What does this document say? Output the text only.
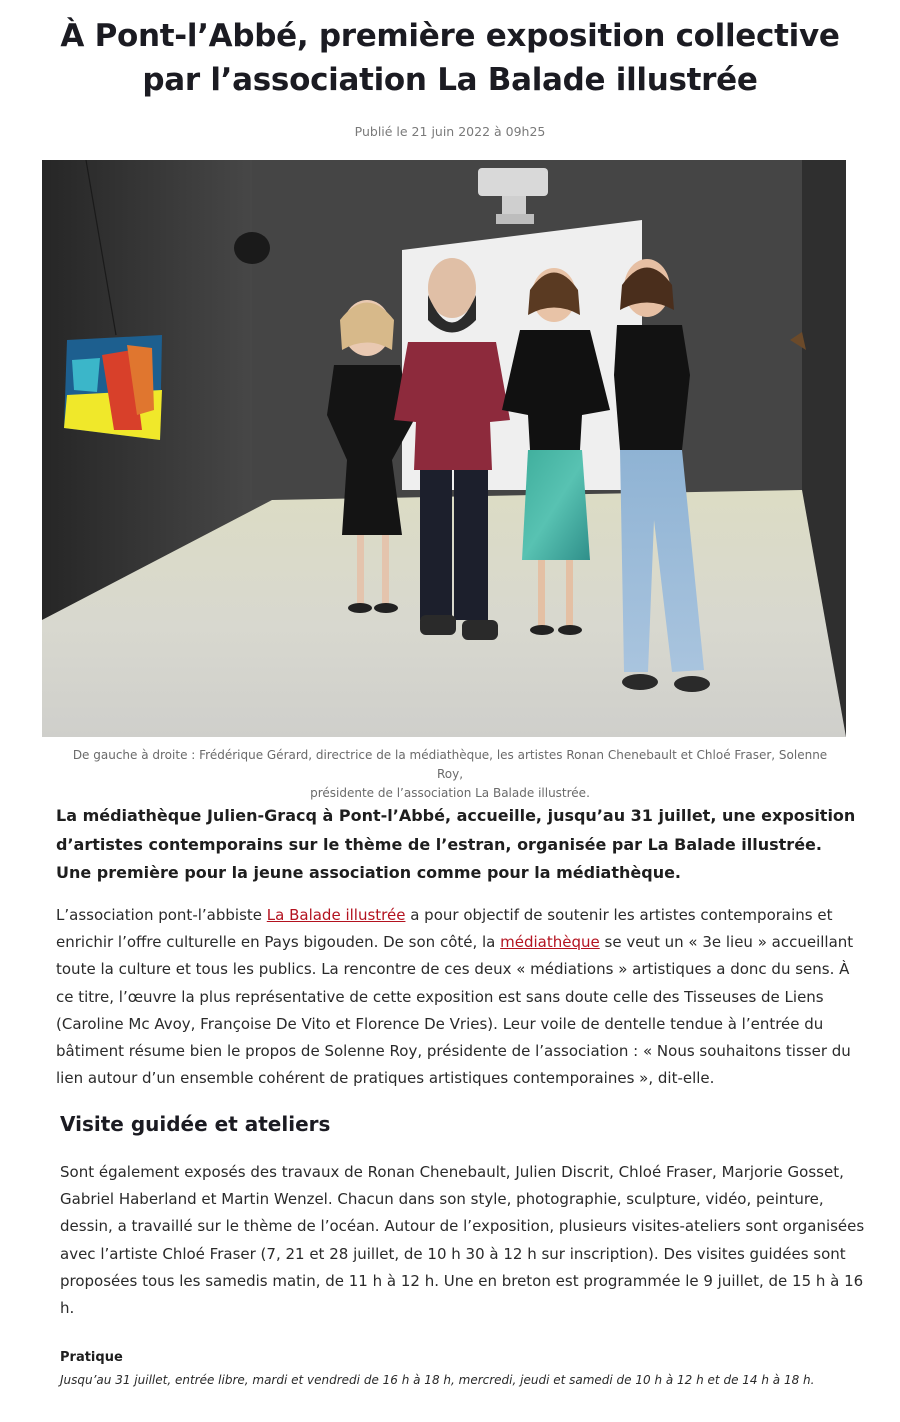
À Pont-l’Abbé, première exposition collective
par l’association La Balade illustrée
Publié le 21 juin 2022 à 09h25
De gauche à droite : Frédérique Gérard, directrice de la médiathèque, les artistes Ronan Chenebault et Chloé Fraser, Solenne Roy,
présidente de l’association La Balade illustrée.

La médiathèque Julien-Gracq à Pont-l’Abbé, accueille, jusqu’au 31 juillet, une exposition d’artistes contemporains sur le thème de l’estran, organisée par La Balade illustrée. Une première pour la jeune association comme pour la médiathèque.

L’association pont-l’abbiste La Balade illustrée a pour objectif de soutenir les artistes contemporains et enrichir l’offre culturelle en Pays bigouden. De son côté, la médiathèque se veut un « 3e lieu » accueillant toute la culture et tous les publics. La rencontre de ces deux « médiations » artistiques a donc du sens. À ce titre, l’œuvre la plus représentative de cette exposition est sans doute celle des Tisseuses de Liens (Caroline Mc Avoy, Françoise De Vito et Florence De Vries). Leur voile de dentelle tendue à l’entrée du bâtiment résume bien le propos de Solenne Roy, présidente de l’association : « Nous souhaitons tisser du lien autour d’un ensemble cohérent de pratiques artistiques contemporaines », dit-elle.

Visite guidée et ateliers

Sont également exposés des travaux de Ronan Chenebault, Julien Discrit, Chloé Fraser, Marjorie Gosset, Gabriel Haberland et Martin Wenzel. Chacun dans son style, photographie, sculpture, vidéo, peinture, dessin, a travaillé sur le thème de l’océan. Autour de l’exposition, plusieurs visites-ateliers sont organisées avec l’artiste Chloé Fraser (7, 21 et 28 juillet, de 10 h 30 à 12 h sur inscription). Des visites guidées sont proposées tous les samedis matin, de 11 h à 12 h. Une en breton est programmée le 9 juillet, de 15 h à 16 h.

Pratique
Jusqu’au 31 juillet, entrée libre, mardi et vendredi de 16 h à 18 h, mercredi, jeudi et samedi de 10 h à 12 h et de 14 h à 18 h.
